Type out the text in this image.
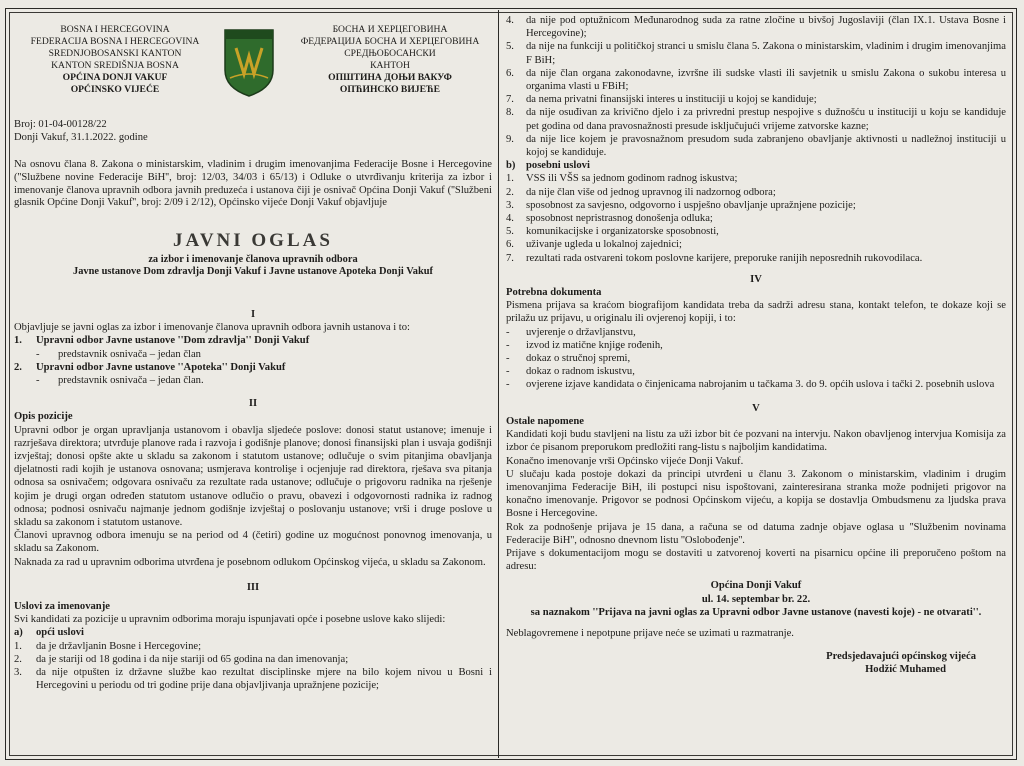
BOSNA I HERCEGOVINA
FEDERACIJA BOSNA I HERCEGOVINA
SREDNJOBOSANSKI KANTON
KANTON SREDIŠNJA BOSNA
OPĆINA DONJI VAKUF
OPĆINSKO VIJEĆE
БОСНА И ХЕРЦЕГОВИНА
ФЕДЕРАЦИЈА БОСНА И ХЕРЦЕГОВИНА
СРЕДЊОБОСАНСКИ
КАНТОН
ОПШТИНА ДОЊИ ВАКУФ
ОПЋИНСКО ВИЈЕЋЕ
Broj: 01-04-00128/22
Donji Vakuf, 31.1.2022. godine
Na osnovu člana 8. Zakona o ministarskim, vladinim i drugim imenovanjima Federacije Bosne i Hercegovine (''Službene novine Federacije BiH'', broj: 12/03, 34/03 i 65/13) i Odluke o utvrđivanju kriterija za izbor i imenovanje članova upravnih odbora javnih preduzeća i ustanova čiji je osnivač Općina Donji Vakuf (''Službeni glasnik Općine Donji Vakuf'', broj: 2/09 i 2/12), Općinsko vijeće Donji Vakuf objavljuje
JAVNI OGLAS
za izbor i imenovanje članova upravnih odbora
Javne ustanove Dom zdravlja Donji Vakuf i Javne ustanove Apoteka Donji Vakuf
I
Objavljuje se javni oglas za izbor i imenovanje članova upravnih odbora javnih ustanova i to:
1.	Upravni odbor Javne ustanove ''Dom zdravlja'' Donji Vakuf
-	predstavnik osnivača – jedan član
2.	Upravni odbor Javne ustanove ''Apoteka'' Donji Vakuf
-	predstavnik osnivača – jedan član.
II
Opis pozicije
Upravni odbor je organ upravljanja ustanovom i obavlja sljedeće poslove: donosi statut ustanove; imenuje i razrješava direktora; utvrđuje planove rada i razvoja i godišnje planove; donosi finansijski plan i usvaja godišnji izvještaj; donosi opšte akte u skladu sa zakonom i statutom ustanove; odlučuje o svim pitanjima obavljanja djelatnosti radi kojih je ustanova osnovana; usmjerava kontrolişe i ocjenjuje rad direktora, rješava sva pitanja odnosa sa osnivačem; odgovara osnivaču za rezultate rada ustanove; odlučuje o prigovoru radnika na rješenje kojim je drugi organ određen statutom ustanove odlučio o pravu, obavezi i odgovornosti radnika iz radnog odnosa; podnosi osnivaču najmanje jednom godišnje izvještaj o poslovanju ustanove; vrši i druge poslove u skladu sa zakonom i statutom ustanove.
Članovi upravnog odbora imenuju se na period od 4 (četiri) godine uz mogućnost ponovnog imenovanja, u skladu sa Zakonom.
Naknada za rad u upravnim odborima utvrđena je posebnom odlukom Općinskog vijeća, u skladu sa Zakonom.
III
Uslovi za imenovanje
Svi kandidati za pozicije u upravnim odborima moraju ispunjavati opće i posebne uslove kako slijedi:
a)	opći uslovi
1.	da je državljanin Bosne i Hercegovine;
2.	da je stariji od 18 godina i da nije stariji od 65 godina na dan imenovanja;
3.	da nije otpušten iz državne službe kao rezultat disciplinske mjere na bilo kojem nivou u Bosni i Hercegovini u periodu od tri godine prije dana objavljivanja upražnjene pozicije;
4.	da nije pod optužnicom Međunarodnog suda za ratne zločine u bivšoj Jugoslaviji (član IX.1. Ustava Bosne i Hercegovine);
5.	da nije na funkciji u političkoj stranci u smislu člana 5. Zakona o ministarskim, vladinim i drugim imenovanjima F BiH;
6.	da nije član organa zakonodavne, izvršne ili sudske vlasti ili savjetnik u smislu Zakona o sukobu interesa u organima vlasti u FBiH;
7.	da nema privatni finansijski interes u instituciji u kojoj se kandiduje;
8.	da nije osuđivan za krivično djelo i za privredni prestup nespojive s dužnošću u instituciji u koju se kandiduje pet godina od dana pravosnažnosti presude isključujući vrijeme zatvorske kazne;
9.	da nije lice kojem je pravosnažnom presudom suda zabranjeno obavljanje aktivnosti u nadležnoj instituciji u kojoj se kandiduje.
b) posebni uslovi
1.	VSS ili VŠS sa jednom godinom radnog iskustva;
2.	da nije član više od jednog upravnog ili nadzornog odbora;
3.	sposobnost za savjesno, odgovorno i uspješno obavljanje upražnjene pozicije;
4.	sposobnost nepristrasnog donošenja odluka;
5.	komunikacijske i organizatorske sposobnosti,
6.	uživanje ugleda u lokalnoj zajednici;
7.	rezultati rada ostvareni tokom poslovne karijere, preporuke ranijih neposrednih rukovodilaca.
IV
Potrebna dokumenta
Pismena prijava sa kraćom biografijom kandidata treba da sadrži adresu stana, kontakt telefon, te dokaze koji se prilažu uz prijavu, u originalu ili ovjerenoj kopiji, i to:
-	uvjerenje o državljanstvu,
-	izvod iz matične knjige rođenih,
-	dokaz o stručnoj spremi,
-	dokaz o radnom iskustvu,
-	ovjerene izjave kandidata o činjenicama nabrojanim u tačkama 3. do 9. općih uslova i tački 2. posebnih uslova
V
Ostale napomene
Kandidati koji budu stavljeni na listu za uži izbor bit će pozvani na intervju. Nakon obavljenog intervjua Komisija za izbor će pisanom preporukom predložiti rang-listu s najboljim kandidatima.
Konačno imenovanje vrši Općinsko vijeće Donji Vakuf.
U slučaju kada postoje dokazi da principi utvrđeni u članu 3. Zakonom o ministarskim, vladinim i drugim imenovanjima Federacije BiH, ili postupci nisu ispoštovani, zainteresirana stranka može podnijeti prigovor na konačno imenovanje. Prigovor se podnosi Općinskom vijeću, a kopija se dostavlja Ombudsmenu za ljudska prava Bosne i Hercegovine.
Rok za podnošenje prijava je 15 dana, a računa se od datuma zadnje objave oglasa u ''Službenim novinama Federacije BiH'', odnosno dnevnom listu ''Oslobođenje''.
Prijave s dokumentacijom mogu se dostaviti u zatvorenoj koverti na pisarnicu općine ili preporučeno poštom na adresu:
Općina Donji Vakuf
ul. 14. septembar br. 22.
sa naznakom ''Prijava na javni oglas za Upravni odbor Javne ustanove (navesti koje) - ne otvarati''.
Neblagovremene i nepotpune prijave neće se uzimati u razmatranje.
Predsjedavajući općinskog vijeća
Hodžić Muhamed
